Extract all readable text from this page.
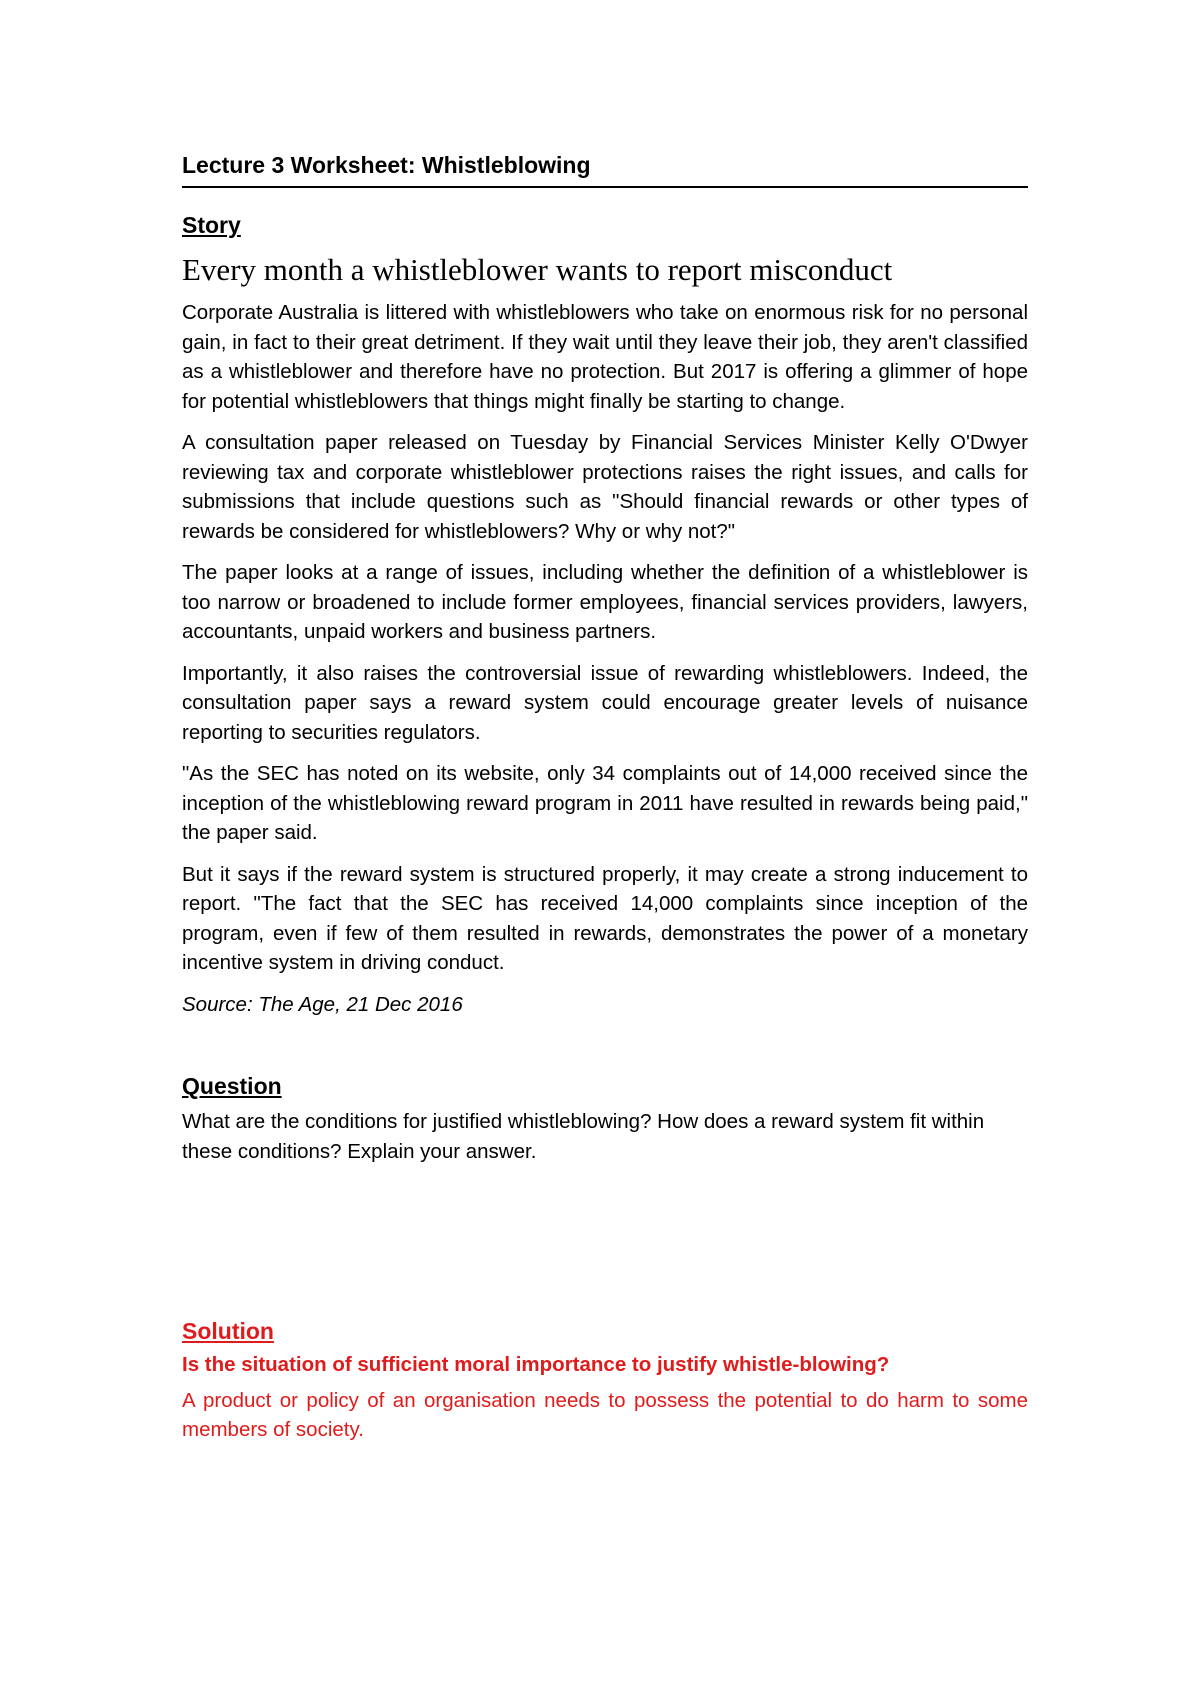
Lecture 3 Worksheet: Whistleblowing
Story
Every month a whistleblower wants to report misconduct

Corporate Australia is littered with whistleblowers who take on enormous risk for no personal gain, in fact to their great detriment. If they wait until they leave their job, they aren't classified as a whistleblower and therefore have no protection. But 2017 is offering a glimmer of hope for potential whistleblowers that things might finally be starting to change.

A consultation paper released on Tuesday by Financial Services Minister Kelly O'Dwyer reviewing tax and corporate whistleblower protections raises the right issues, and calls for submissions that include questions such as "Should financial rewards or other types of rewards be considered for whistleblowers? Why or why not?"

The paper looks at a range of issues, including whether the definition of a whistleblower is too narrow or broadened to include former employees, financial services providers, lawyers, accountants, unpaid workers and business partners.

Importantly, it also raises the controversial issue of rewarding whistleblowers. Indeed, the consultation paper says a reward system could encourage greater levels of nuisance reporting to securities regulators.

"As the SEC has noted on its website, only 34 complaints out of 14,000 received since the inception of the whistleblowing reward program in 2011 have resulted in rewards being paid," the paper said.

But it says if the reward system is structured properly, it may create a strong inducement to report. "The fact that the SEC has received 14,000 complaints since inception of the program, even if few of them resulted in rewards, demonstrates the power of a monetary incentive system in driving conduct.

Source: The Age, 21 Dec 2016

Question

What are the conditions for justified whistleblowing? How does a reward system fit within these conditions? Explain your answer.

Solution

Is the situation of sufficient moral importance to justify whistle-blowing?

A product or policy of an organisation needs to possess the potential to do harm to some members of society.
